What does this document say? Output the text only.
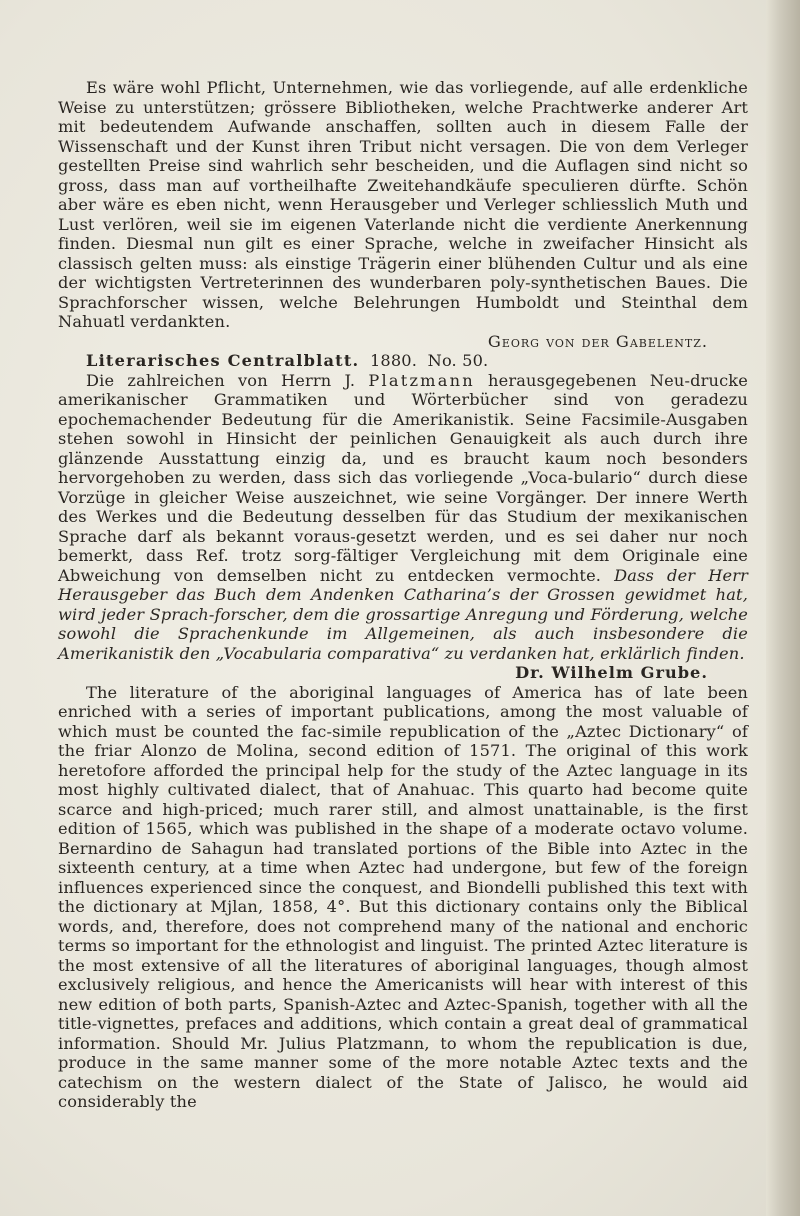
Es wäre wohl Pflicht, Unternehmen, wie das vorliegende, auf alle erdenkliche Weise zu unterstützen; grössere Bibliotheken, welche Prachtwerke anderer Art mit bedeutendem Aufwande anschaffen, sollten auch in diesem Falle der Wissenschaft und der Kunst ihren Tribut nicht versagen. Die von dem Verleger gestellten Preise sind wahrlich sehr bescheiden, und die Auflagen sind nicht so gross, dass man auf vortheilhafte Zweitehandkäufe speculieren dürfte. Schön aber wäre es eben nicht, wenn Herausgeber und Verleger schliesslich Muth und Lust verlören, weil sie im eigenen Vaterlande nicht die verdiente Anerkennung finden. Diesmal nun gilt es einer Sprache, welche in zweifacher Hinsicht als classisch gelten muss: als einstige Trägerin einer blühenden Cultur und als eine der wichtigsten Vertreterinnen des wunderbaren poly-synthetischen Baues. Die Sprachforscher wissen, welche Belehrungen Humboldt und Steinthal dem Nahuatl verdankten.

Georg von der Gabelentz.

Literarisches Centralblatt. 1880. No. 50.

Die zahlreichen von Herrn J. Platzmann herausgegebenen Neu-drucke amerikanischer Grammatiken und Wörterbücher sind von geradezu epochemachender Bedeutung für die Amerikanistik. Seine Facsimile-Ausgaben stehen sowohl in Hinsicht der peinlichen Genauigkeit als auch durch ihre glänzende Ausstattung einzig da, und es braucht kaum noch besonders hervorgehoben zu werden, dass sich das vorliegende „Voca-bulario“ durch diese Vorzüge in gleicher Weise auszeichnet, wie seine Vorgänger. Der innere Werth des Werkes und die Bedeutung desselben für das Studium der mexikanischen Sprache darf als bekannt voraus-gesetzt werden, und es sei daher nur noch bemerkt, dass Ref. trotz sorg-fältiger Vergleichung mit dem Originale eine Abweichung von demselben nicht zu entdecken vermochte. Dass der Herr Herausgeber das Buch dem Andenken Catharina’s der Grossen gewidmet hat, wird jeder Sprach-forscher, dem die grossartige Anregung und Förderung, welche sowohl die Sprachenkunde im Allgemeinen, als auch insbesondere die Amerikanistik den „Vocabularia comparativa“ zu verdanken hat, erklärlich finden.

Dr. Wilhelm Grube.

The literature of the aboriginal languages of America has of late been enriched with a series of important publications, among the most valuable of which must be counted the fac-simile republication of the „Aztec Dictionary“ of the friar Alonzo de Molina, second edition of 1571. The original of this work heretofore afforded the principal help for the study of the Aztec language in its most highly cultivated dialect, that of Anahuac. This quarto had become quite scarce and high-priced; much rarer still, and almost unattainable, is the first edition of 1565, which was published in the shape of a moderate octavo volume. Bernardino de Sahagun had translated portions of the Bible into Aztec in the sixteenth century, at a time when Aztec had undergone, but few of the foreign influences experienced since the conquest, and Biondelli published this text with the dictionary at Mjlan, 1858, 4°. But this dictionary contains only the Biblical words, and, therefore, does not comprehend many of the national and enchoric terms so important for the ethnologist and linguist. The printed Aztec literature is the most extensive of all the literatures of aboriginal languages, though almost exclusively religious, and hence the Americanists will hear with interest of this new edition of both parts, Spanish-Aztec and Aztec-Spanish, together with all the title-vignettes, prefaces and additions, which contain a great deal of grammatical information. Should Mr. Julius Platzmann, to whom the republication is due, produce in the same manner some of the more notable Aztec texts and the catechism on the western dialect of the State of Jalisco, he would aid considerably the
